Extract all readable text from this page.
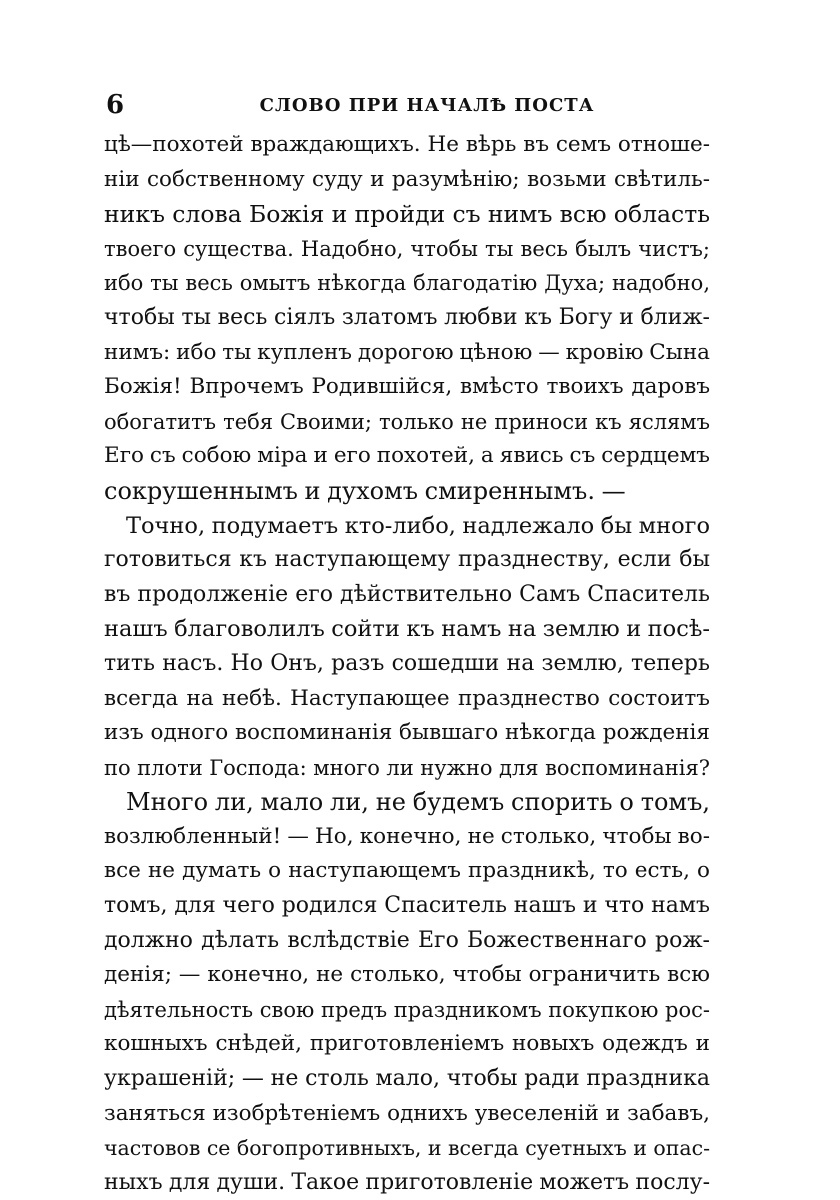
6	СЛОВО ПРИ НАЧАЛѢ ПОСТА
цѣ—похотей враждающихъ. Не вѣрь въ семъ отноше-
ніи собственному суду и разумѣнію; возьми свѣтиль-
никъ слова Божія и пройди съ нимъ всю область
твоего существа. Надобно, чтобы ты весь былъ чистъ;
ибо ты весь омытъ нѣкогда благодатію Духа; надобно,
чтобы ты весь сіялъ златомъ любви къ Богу и ближ-
нимъ: ибо ты купленъ дорогою цѣною — кровію Сына
Божія! Впрочемъ Родившійся, вмѣсто твоихъ даровъ
обогатитъ тебя Своими; только не приноси къ яслямъ
Его съ собою міра и его похотей, а явись съ сердцемъ
сокрушеннымъ и духомъ смиреннымъ. —
Точно, подумаетъ кто-либо, надлежало бы много
готовиться къ наступающему празднеству, если бы
въ продолженіе его дѣйствительно Самъ Спаситель
нашъ благоволилъ сойти къ намъ на землю и посѣ-
тить насъ. Но Онъ, разъ сошедши на землю, теперь
всегда на небѣ. Наступающее празднество состоитъ
изъ одного воспоминанія бывшаго нѣкогда рожденія
по плоти Господа: много ли нужно для воспоминанія?
Много ли, мало ли, не будемъ спорить о томъ,
возлюбленный! — Но, конечно, не столько, чтобы во-
все не думать о наступающемъ праздникѣ, то есть, о
томъ, для чего родился Спаситель нашъ и что намъ
должно дѣлать вслѣдствіе Его Божественнаго рож-
денія; — конечно, не столько, чтобы ограничить всю
дѣятельность свою предъ праздникомъ покупкою рос-
кошныхъ снѣдей, приготовленіемъ новыхъ одеждъ и
украшеній; — не столь мало, чтобы ради праздника
заняться изобрѣтеніемъ однихъ увеселеній и забавъ,
частовов се богопротивныхъ, и всегда суетныхъ и опас-
ныхъ для души. Такое приготовленіе можетъ послу-
